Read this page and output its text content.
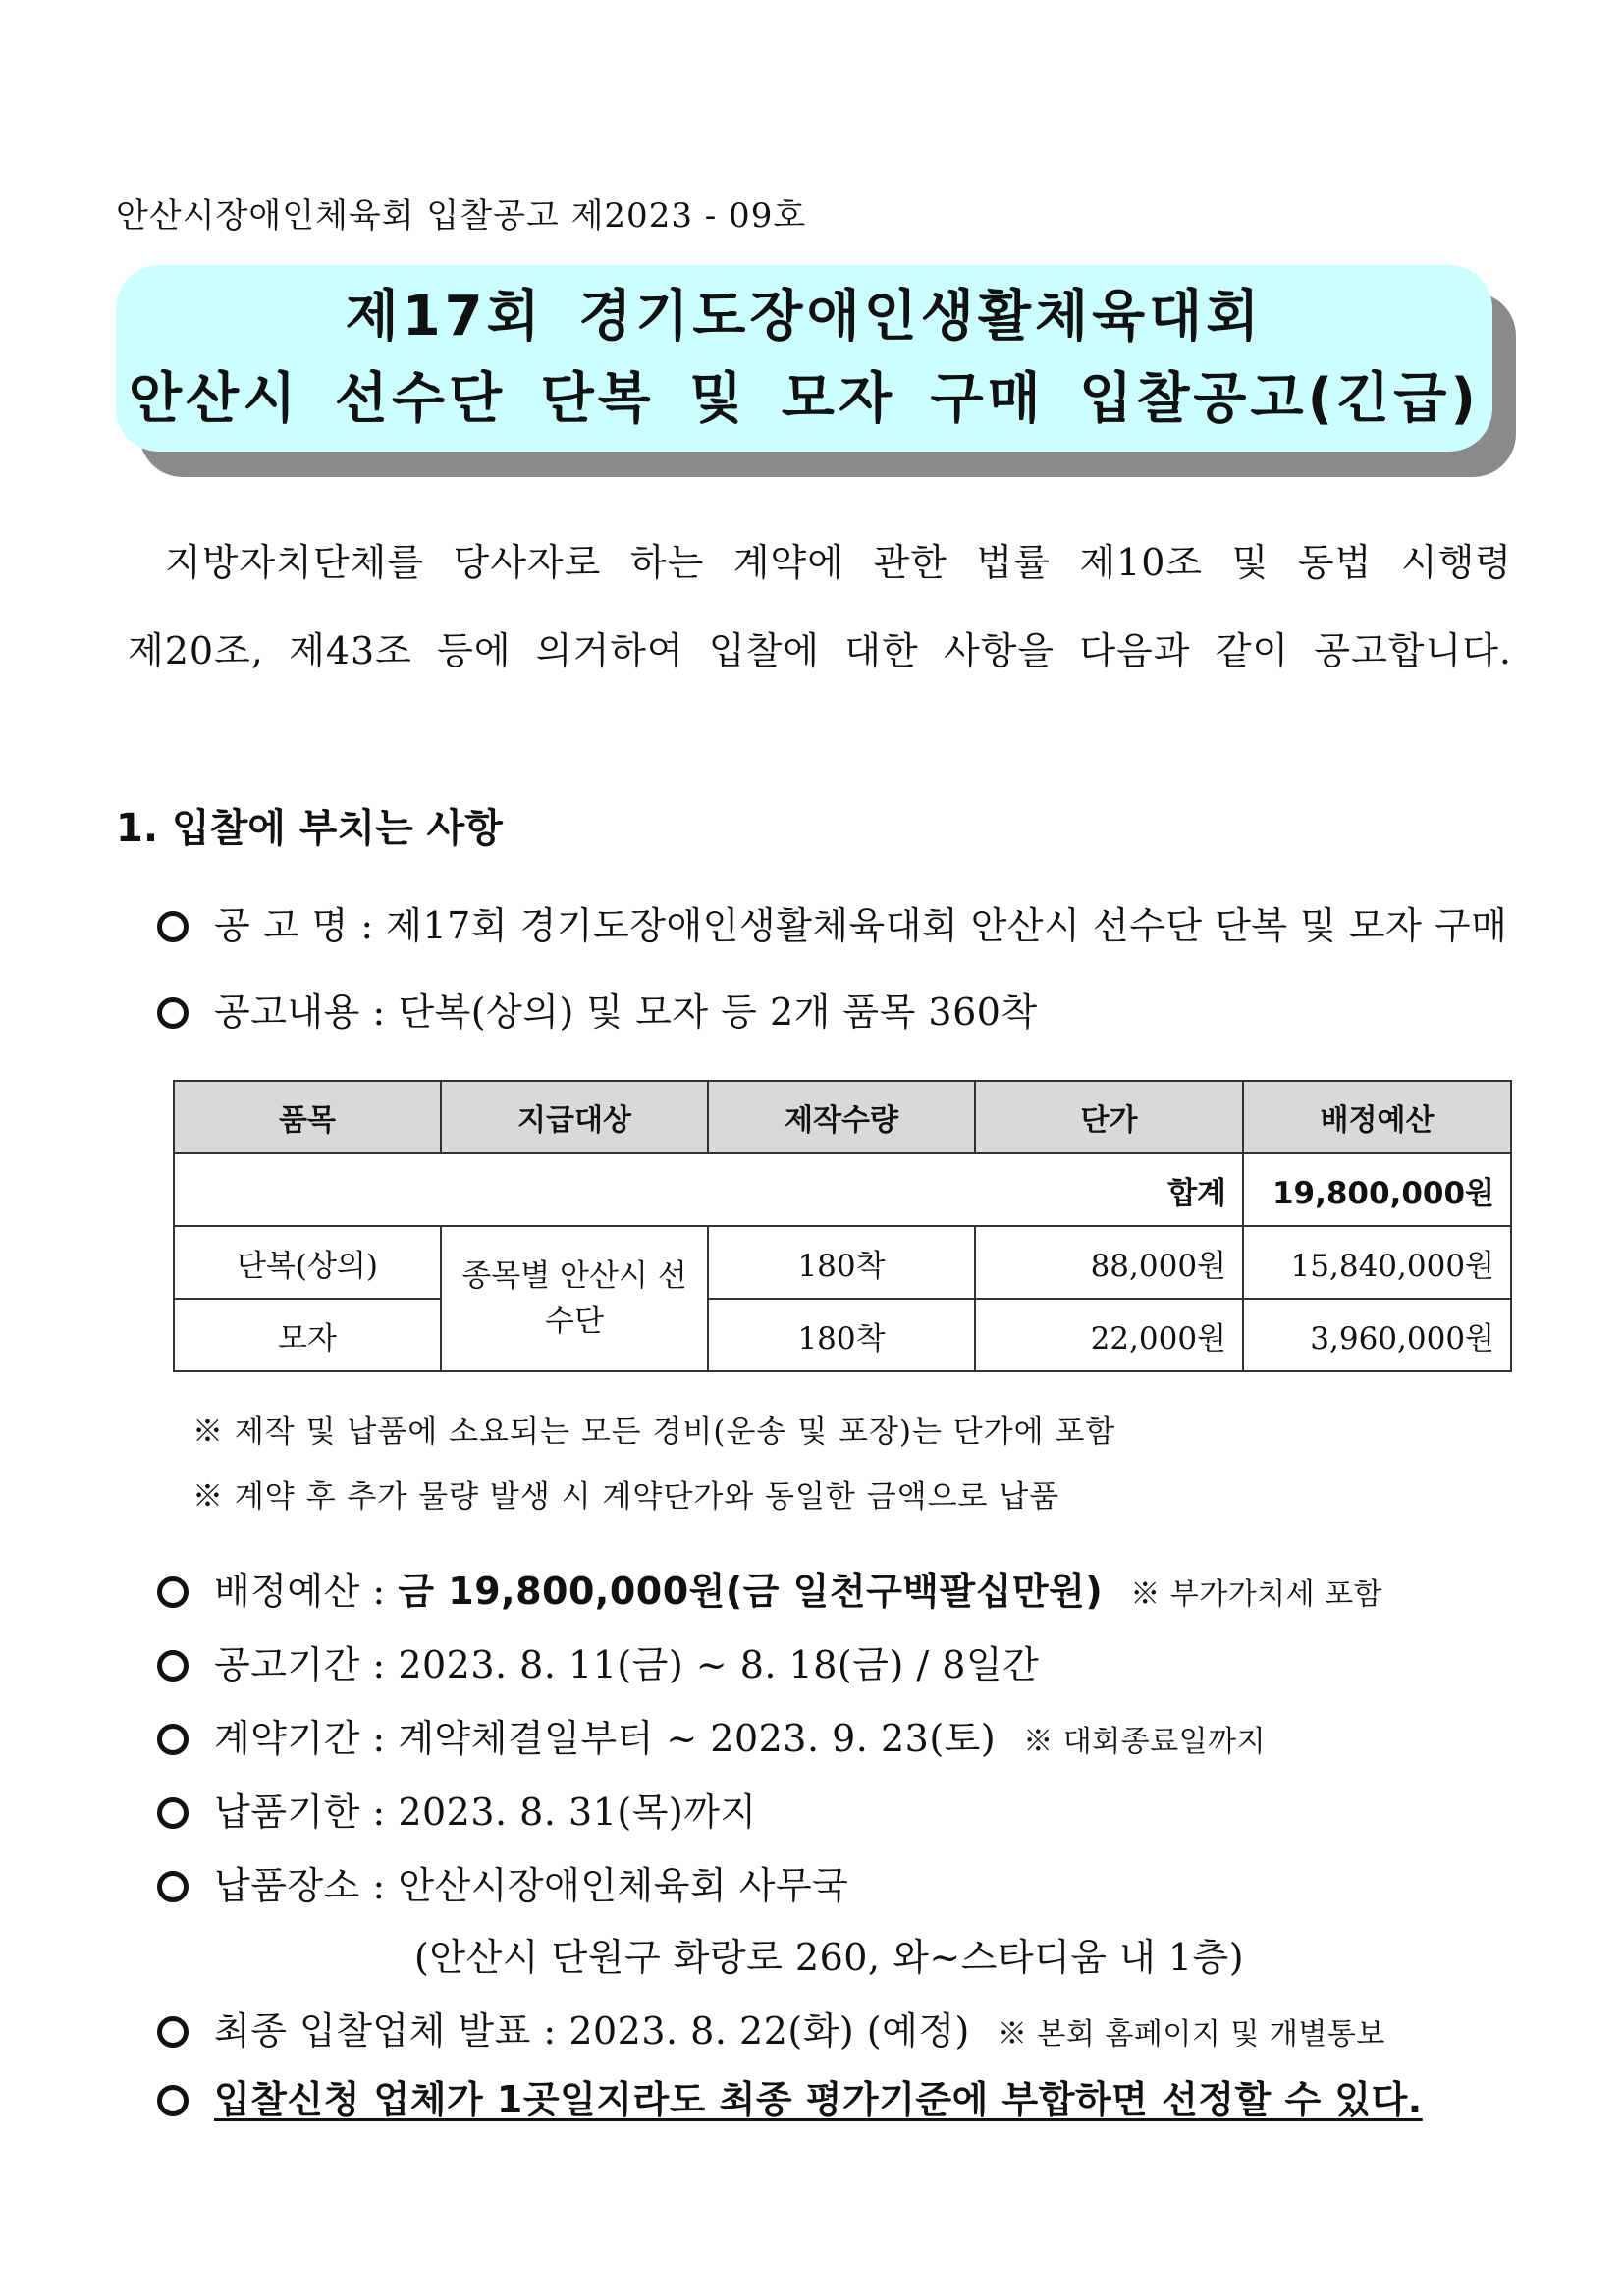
안산시장애인체육회 입찰공고 제2023 - 09호
제17회 경기도장애인생활체육대회
안산시 선수단 단복 및 모자 구매 입찰공고(긴급)

지방자치단체를 당사자로 하는 계약에 관한 법률 제10조 및 동법 시행령

제20조, 제43조 등에 의거하여 입찰에 대한 사항을 다음과 같이 공고합니다.

1. 입찰에 부치는 사항
공 고 명 : 제17회 경기도장애인생활체육대회 안산시 선수단 단복 및 모자 구매
공고내용 : 단복(상의) 및 모자 등 2개 품목 360착
품목	지급대상	제작수량	단가	배정예산
합계				19,800,000원
단복(상의)	종목별 안산시 선수단	180착	88,000원	15,840,000원
모자		180착	22,000원	3,960,000원
※ 제작 및 납품에 소요되는 모든 경비(운송 및 포장)는 단가에 포함
※ 계약 후 추가 물량 발생 시 계약단가와 동일한 금액으로 납품
배정예산 : 금 19,800,000원(금 일천구백팔십만원) ※ 부가가치세 포함
공고기간 : 2023. 8. 11(금) ~ 8. 18(금) / 8일간
계약기간 : 계약체결일부터 ~ 2023. 9. 23(토) ※ 대회종료일까지
납품기한 : 2023. 8. 31(목)까지
납품장소 : 안산시장애인체육회 사무국
(안산시 단원구 화랑로 260, 와~스타디움 내 1층)
최종 입찰업체 발표 : 2023. 8. 22(화) (예정) ※ 본회 홈페이지 및 개별통보
입찰신청 업체가 1곳일지라도 최종 평가기준에 부합하면 선정할 수 있다.
